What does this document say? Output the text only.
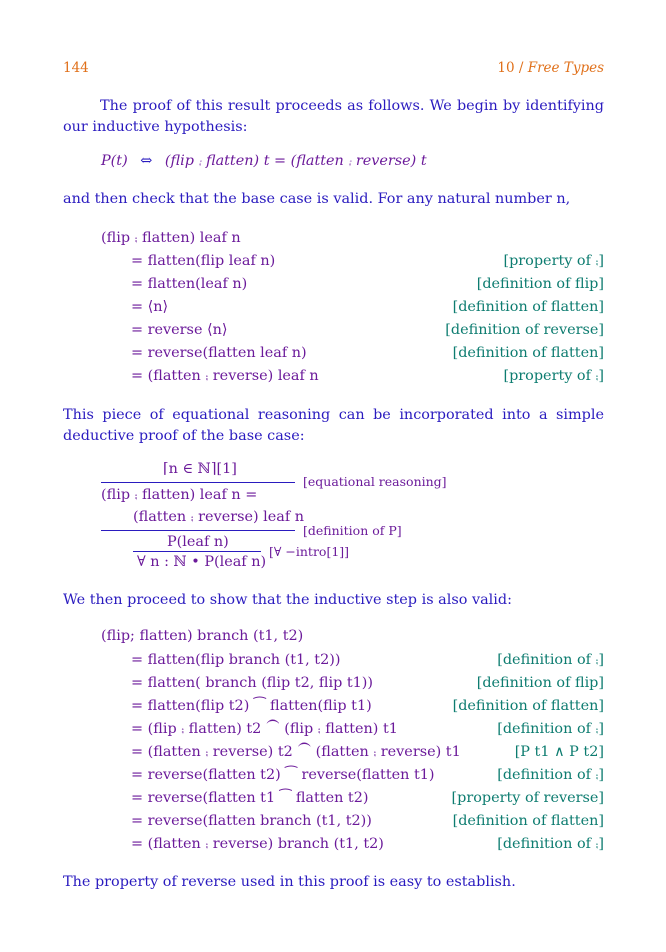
144	10 / Free Types
The proof of this result proceeds as follows. We begin by identifying our inductive hypothesis:
P(t) ⇔ (flip ⨾ flatten) t = (flatten ⨾ reverse) t
and then check that the base case is valid. For any natural number n,
(flip ⨾ flatten) leaf n
= flatten(flip leaf n)	[property of ⨾]
= flatten(leaf n)	[definition of flip]
= ⟨n⟩	[definition of flatten]
= reverse ⟨n⟩	[definition of reverse]
= reverse(flatten leaf n)	[definition of flatten]
= (flatten ⨾ reverse) leaf n	[property of ⨾]
This piece of equational reasoning can be incorporated into a simple deductive proof of the base case:
⌈n ∈ ℕ⌉[1]
[equational reasoning]
(flip ⨾ flatten) leaf n =
(flatten ⨾ reverse) leaf n
[definition of P]
P(leaf n)
[∀ −intro[1]]
∀ n : ℕ • P(leaf n)
We then proceed to show that the inductive step is also valid:
(flip; flatten) branch (t1, t2)
= flatten(flip branch (t1, t2))	[definition of ⨾]
= flatten( branch (flip t2, flip t1))	[definition of flip]
= flatten(flip t2) ⁀ flatten(flip t1)	[definition of flatten]
= (flip ⨾ flatten) t2 ⁀ (flip ⨾ flatten) t1	[definition of ⨾]
= (flatten ⨾ reverse) t2 ⁀ (flatten ⨾ reverse) t1	[P t1 ∧ P t2]
= reverse(flatten t2) ⁀ reverse(flatten t1)	[definition of ⨾]
= reverse(flatten t1 ⁀ flatten t2)	[property of reverse]
= reverse(flatten branch (t1, t2))	[definition of flatten]
= (flatten ⨾ reverse) branch (t1, t2)	[definition of ⨾]
The property of reverse used in this proof is easy to establish.
